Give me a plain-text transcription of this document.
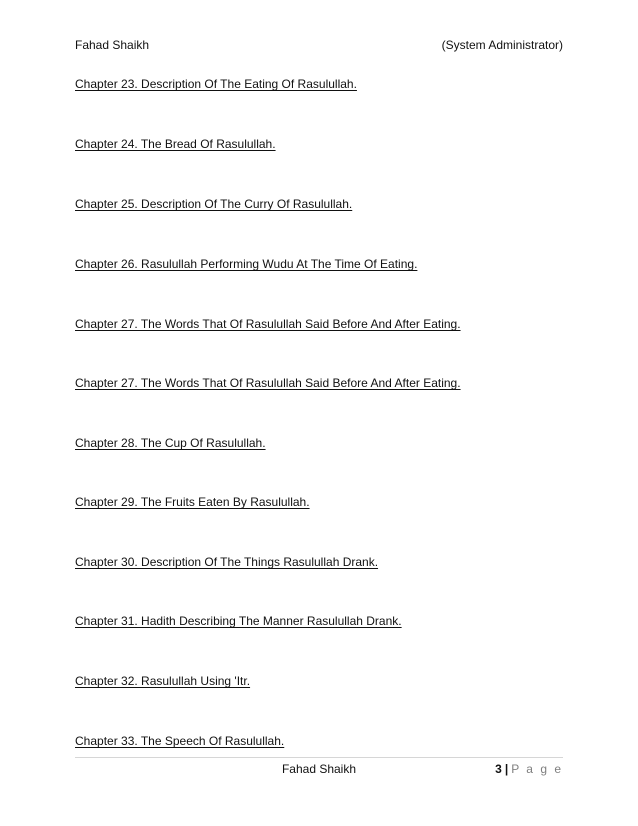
Fahad Shaikh	(System Administrator)
Chapter 23. Description Of The Eating Of Rasulullah.
Chapter 24. The Bread Of Rasulullah.
Chapter 25. Description Of The Curry Of Rasulullah.
Chapter 26. Rasulullah Performing Wudu At The Time Of Eating.
Chapter 27. The Words That Of Rasulullah Said Before And After Eating.
Chapter 27. The Words That Of Rasulullah Said Before And After Eating.
Chapter 28. The Cup Of Rasulullah.
Chapter 29. The Fruits Eaten By Rasulullah.
Chapter 30. Description Of The Things Rasulullah Drank.
Chapter 31. Hadith Describing The Manner Rasulullah Drank.
Chapter 32. Rasulullah Using 'Itr.
Chapter 33. The Speech Of Rasulullah.
Fahad Shaikh	3 | P a g e
